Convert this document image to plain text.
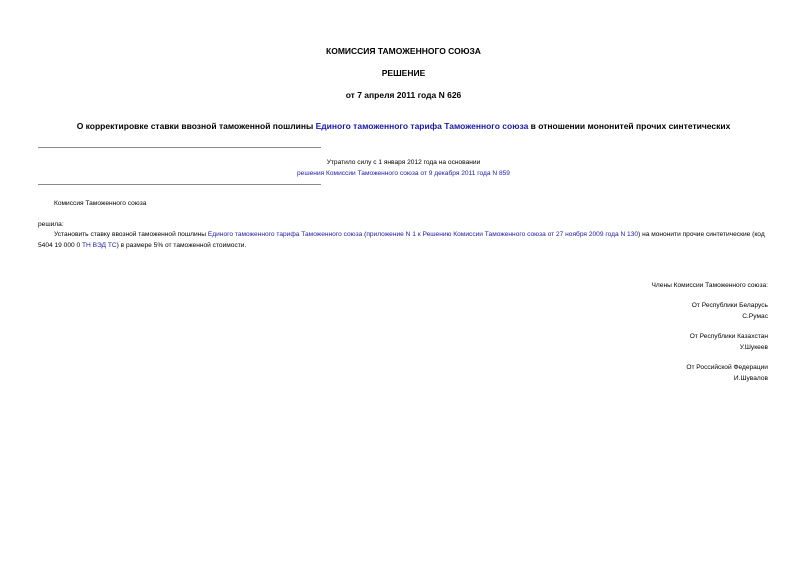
КОМИССИЯ ТАМОЖЕННОГО СОЮЗА
РЕШЕНИЕ
от 7 апреля 2011 года N 626
О корректировке ставки ввозной таможенной пошлины Единого таможенного тарифа Таможенного союза в отношении мононитей прочих синтетических
Утратило силу с 1 января 2012 года на основании
решения Комиссии Таможенного союза от 9 декабря 2011 года N 859
Комиссия Таможенного союза
решила:
Установить ставку ввозной таможенной пошлины Единого таможенного тарифа Таможенного союза (приложение N 1 к Решению Комиссии Таможенного союза от 27 ноября 2009 года N 130) на мононити прочие синтетические (код 5404 19 000 0 ТН ВЭД ТС) в размере 5% от таможенной стоимости.
Члены Комиссии Таможенного союза:
От Республики Беларусь
С.Румас
От Республики Казахстан
У.Шукеев
От Российской Федерации
И.Шувалов
